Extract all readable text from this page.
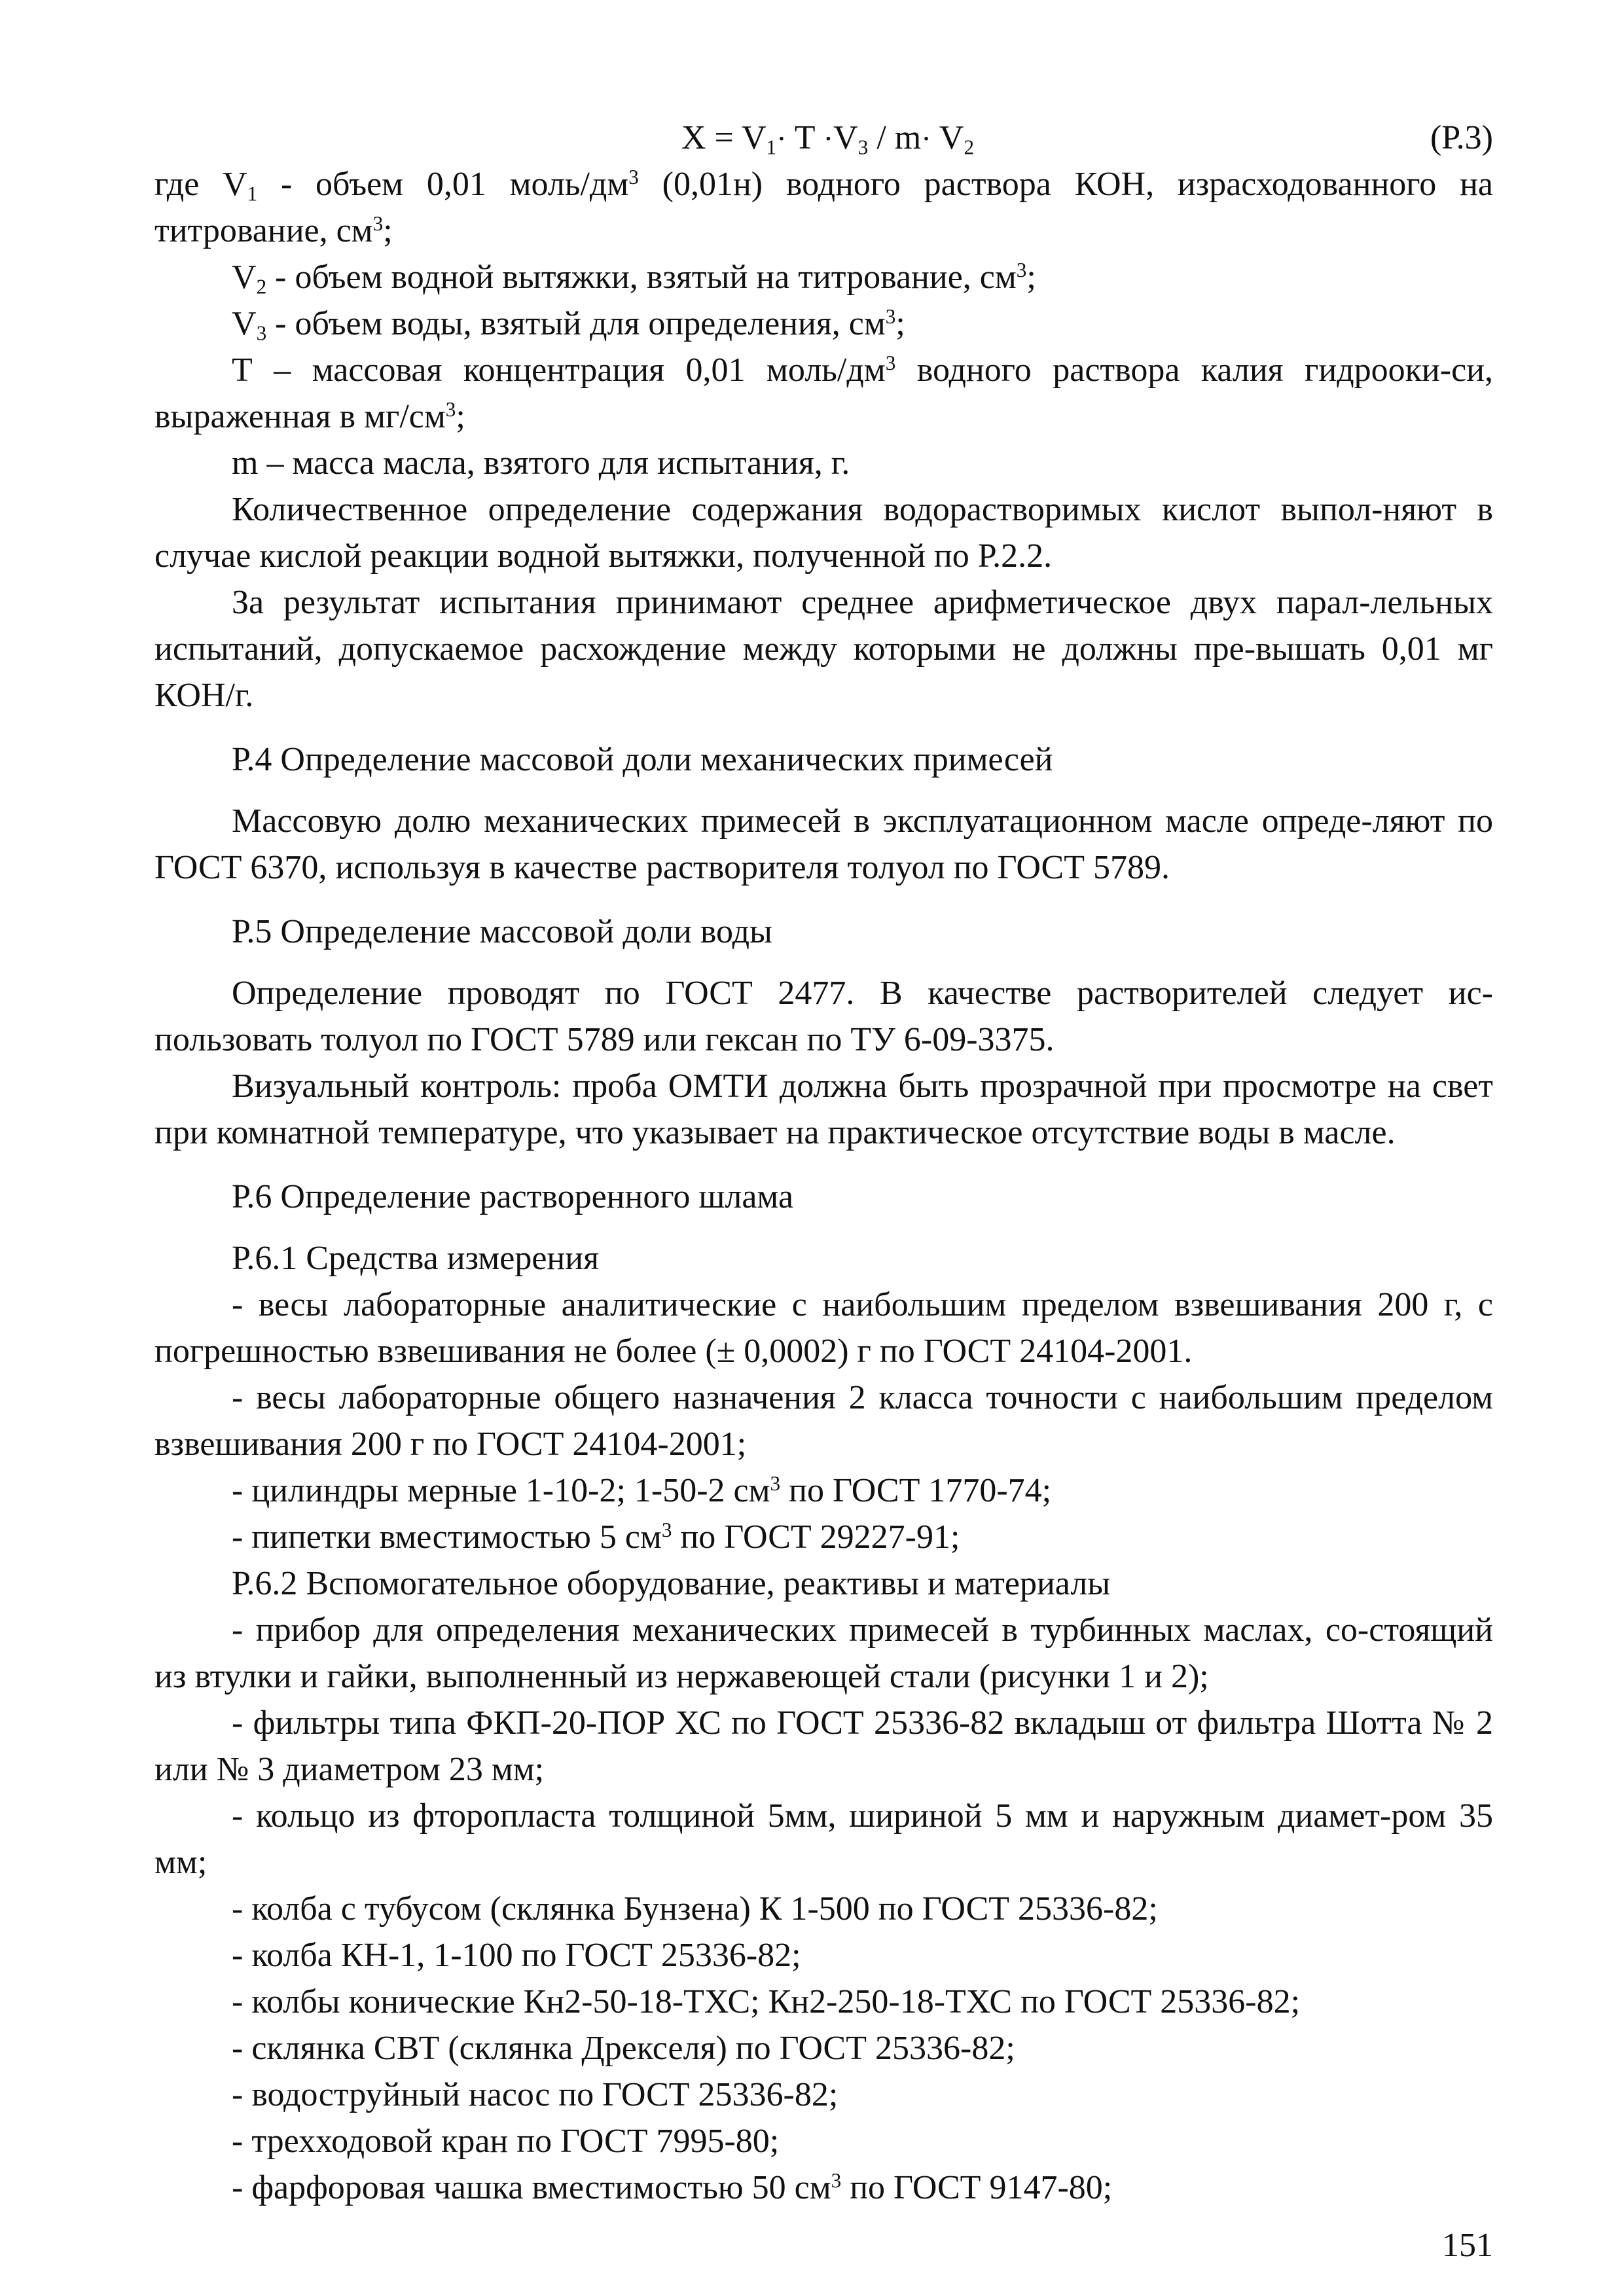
$X = V_1\cdot T \cdot V_3 / m\cdot V_2$	(Р.3)

где $V_1$ - объем 0,01 моль/$дм^3$ (0,01н) водного раствора КОН, израсходованного на титрование, $см^3$;

$V_2$ - объем водной вытяжки, взятый на титрование, $см^3$;

$V_3$ - объем воды, взятый для определения, $см^3$;

Т – массовая концентрация 0,01 моль/$дм^3$ водного раствора калия гидрооки-си, выраженная в $мг/см^3$;

m – масса масла, взятого для испытания, г.

Количественное определение содержания водорастворимых кислот выпол-няют в случае кислой реакции водной вытяжки, полученной по Р.2.2.

За результат испытания принимают среднее арифметическое двух парал-лельных испытаний, допускаемое расхождение между которыми не должны пре-вышать 0,01 мг КОН/г.

Р.4 Определение массовой доли механических примесей

Массовую долю механических примесей в эксплуатационном масле опреде-ляют по ГОСТ 6370, используя в качестве растворителя толуол по ГОСТ 5789.

Р.5 Определение массовой доли воды

Определение проводят по ГОСТ 2477. В качестве растворителей следует ис-пользовать толуол по ГОСТ 5789 или гексан по ТУ 6-09-3375.

Визуальный контроль: проба ОМТИ должна быть прозрачной при просмотре на свет при комнатной температуре, что указывает на практическое отсутствие воды в масле.

Р.6 Определение растворенного шлама

Р.6.1 Средства измерения

- весы лабораторные аналитические с наибольшим пределом взвешивания 200 г, с погрешностью взвешивания не более (± 0,0002) г по ГОСТ 24104-2001.

- весы лабораторные общего назначения 2 класса точности с наибольшим пределом взвешивания 200 г по ГОСТ 24104-2001;

- цилиндры мерные 1-10-2; 1-50-2 $см^3$ по ГОСТ 1770-74;

- пипетки вместимостью 5 $см^3$ по ГОСТ 29227-91;

Р.6.2 Вспомогательное оборудование, реактивы и материалы

- прибор для определения механических примесей в турбинных маслах, со-стоящий из втулки и гайки, выполненный из нержавеющей стали (рисунки 1 и 2);

- фильтры типа ФКП-20-ПОР ХС по ГОСТ 25336-82 вкладыш от фильтра Шотта № 2 или № 3 диаметром 23 мм;

- кольцо из фторопласта толщиной 5мм, шириной 5 мм и наружным диамет-ром 35 мм;

- колба с тубусом (склянка Бунзена) К 1-500 по ГОСТ 25336-82;

- колба КН-1, 1-100 по ГОСТ 25336-82;

- колбы конические Кн2-50-18-ТХС; Кн2-250-18-ТХС по ГОСТ 25336-82;

- склянка СВТ (склянка Дрекселя) по ГОСТ 25336-82;

- водоструйный насос по ГОСТ 25336-82;

- трехходовой кран по ГОСТ 7995-80;

- фарфоровая чашка вместимостью 50 $см^3$ по ГОСТ 9147-80;

151
